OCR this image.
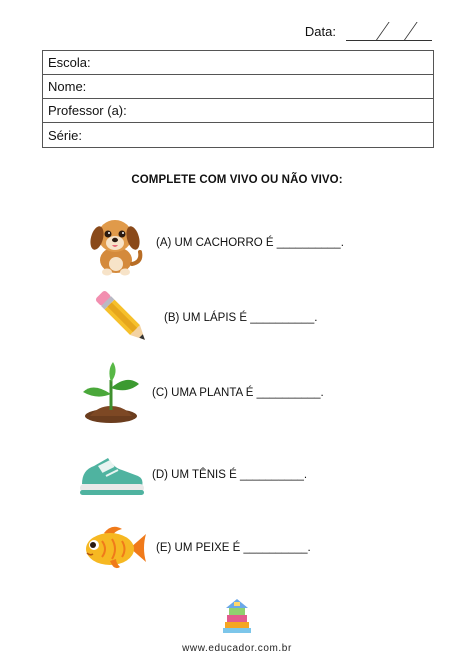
Data:
Escola:
Nome:
Professor (a):
Série:
COMPLETE COM VIVO OU NÃO VIVO:
(A) UM CACHORRO É __________.
(B) UM LÁPIS É __________.
(C) UMA PLANTA É __________.
(D) UM TÊNIS É __________.
(E) UM PEIXE É __________.
www.educador.com.br
